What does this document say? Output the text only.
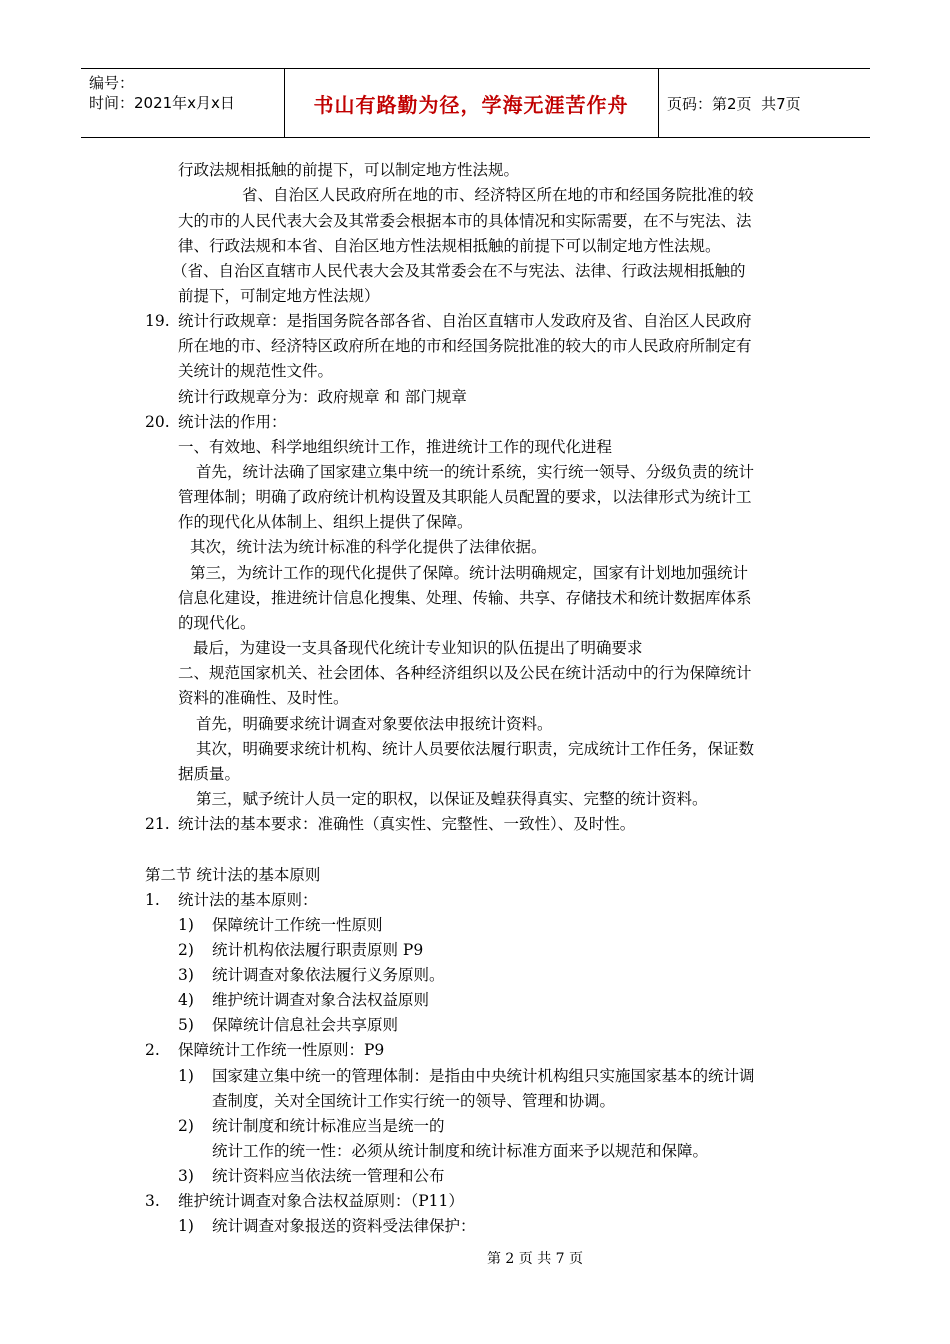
编号：
时间：2021年x月x日	书山有路勤为径，学海无涯苦作舟	页码：第2页  共7页
行政法规相抵触的前提下，可以制定地方性法规。
省、自治区人民政府所在地的市、经济特区所在地的市和经国务院批准的较
大的市的人民代表大会及其常委会根据本市的具体情况和实际需要，在不与宪法、法
律、行政法规和本省、自治区地方性法规相抵触的前提下可以制定地方性法规。
（省、自治区直辖市人民代表大会及其常委会在不与宪法、法律、行政法规相抵触的
前提下，可制定地方性法规）
19. 统计行政规章：是指国务院各部各省、自治区直辖市人发政府及省、自治区人民政府
所在地的市、经济特区政府所在地的市和经国务院批准的较大的市人民政府所制定有
关统计的规范性文件。
统计行政规章分为：政府规章 和 部门规章
20. 统计法的作用：
一、有效地、科学地组织统计工作，推进统计工作的现代化进程
首先，统计法确了国家建立集中统一的统计系统，实行统一领导、分级负责的统计
管理体制；明确了政府统计机构设置及其职能人员配置的要求，以法律形式为统计工
作的现代化从体制上、组织上提供了保障。
其次，统计法为统计标准的科学化提供了法律依据。
第三，为统计工作的现代化提供了保障。统计法明确规定，国家有计划地加强统计
信息化建设，推进统计信息化搜集、处理、传输、共享、存储技术和统计数据库体系
的现代化。
最后，为建设一支具备现代化统计专业知识的队伍提出了明确要求
二、规范国家机关、社会团体、各种经济组织以及公民在统计活动中的行为保障统计
资料的准确性、及时性。
首先，明确要求统计调查对象要依法申报统计资料。
其次，明确要求统计机构、统计人员要依法履行职责，完成统计工作任务，保证数
据质量。
第三，赋予统计人员一定的职权，以保证及蝗获得真实、完整的统计资料。
21. 统计法的基本要求：准确性（真实性、完整性、一致性）、及时性。
第二节 统计法的基本原则
1. 统计法的基本原则：
1) 保障统计工作统一性原则
2) 统计机构依法履行职责原则 P9
3) 统计调查对象依法履行义务原则。
4) 维护统计调查对象合法权益原则
5) 保障统计信息社会共享原则
2. 保障统计工作统一性原则：P9
1) 国家建立集中统一的管理体制：是指由中央统计机构组只实施国家基本的统计调
查制度，关对全国统计工作实行统一的领导、管理和协调。
2) 统计制度和统计标准应当是统一的
统计工作的统一性：必须从统计制度和统计标准方面来予以规范和保障。
3) 统计资料应当依法统一管理和公布
3. 维护统计调查对象合法权益原则：（P11）
1) 统计调查对象报送的资料受法律保护：
第 2 页 共 7 页
